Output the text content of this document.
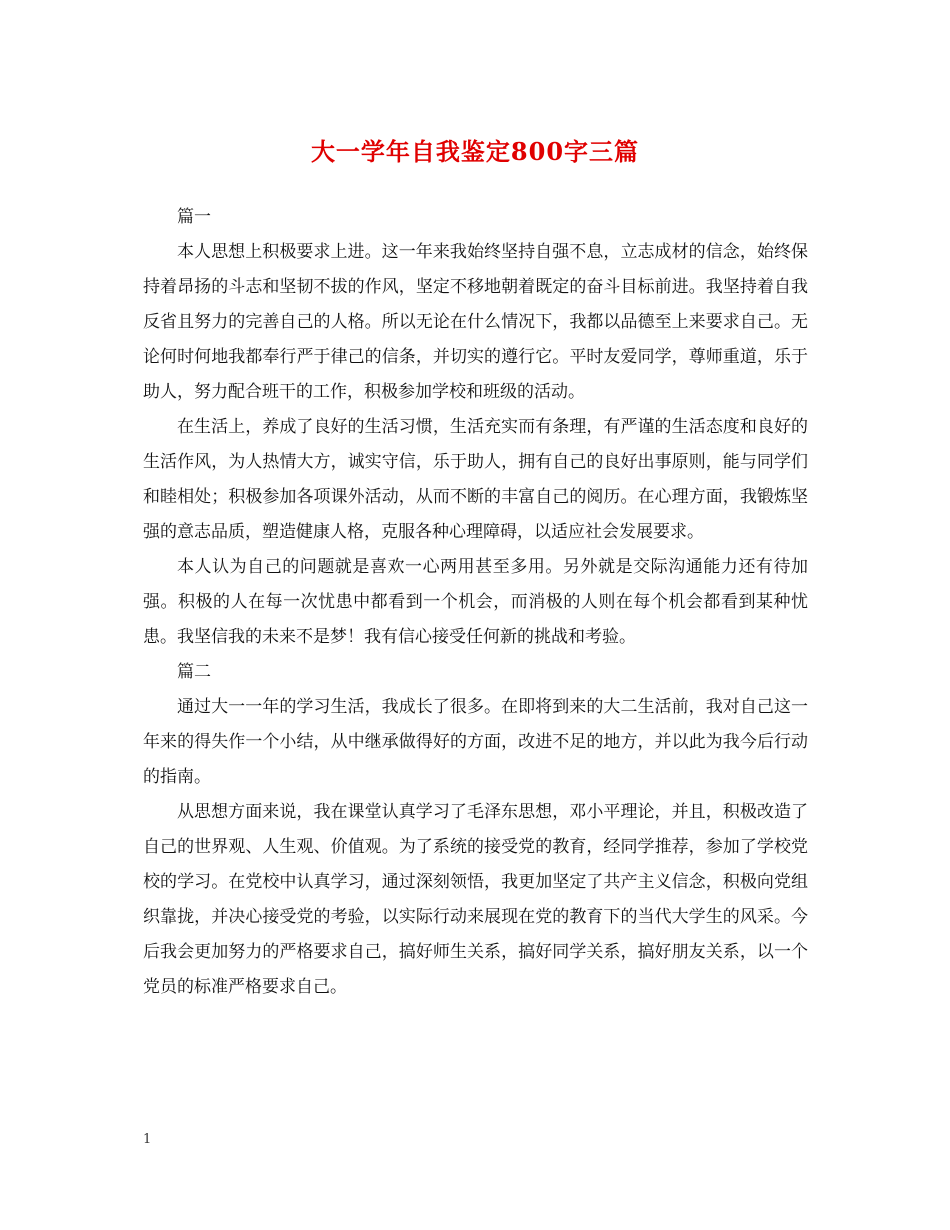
大一学年自我鉴定800字三篇

篇一

本人思想上积极要求上进。这一年来我始终坚持自强不息，立志成材的信念，始终保持着昂扬的斗志和坚韧不拔的作风，坚定不移地朝着既定的奋斗目标前进。我坚持着自我反省且努力的完善自己的人格。所以无论在什么情况下，我都以品德至上来要求自己。无论何时何地我都奉行严于律己的信条，并切实的遵行它。平时友爱同学，尊师重道，乐于助人，努力配合班干的工作，积极参加学校和班级的活动。

在生活上，养成了良好的生活习惯，生活充实而有条理，有严谨的生活态度和良好的生活作风，为人热情大方，诚实守信，乐于助人，拥有自己的良好出事原则，能与同学们和睦相处；积极参加各项课外活动，从而不断的丰富自己的阅历。在心理方面，我锻炼坚强的意志品质，塑造健康人格，克服各种心理障碍，以适应社会发展要求。

本人认为自己的问题就是喜欢一心两用甚至多用。另外就是交际沟通能力还有待加强。积极的人在每一次忧患中都看到一个机会，而消极的人则在每个机会都看到某种忧患。我坚信我的未来不是梦！我有信心接受任何新的挑战和考验。

篇二

通过大一一年的学习生活，我成长了很多。在即将到来的大二生活前，我对自己这一年来的得失作一个小结，从中继承做得好的方面，改进不足的地方，并以此为我今后行动的指南。

从思想方面来说，我在课堂认真学习了毛泽东思想，邓小平理论，并且，积极改造了自己的世界观、人生观、价值观。为了系统的接受党的教育，经同学推荐，参加了学校党校的学习。在党校中认真学习，通过深刻领悟，我更加坚定了共产主义信念，积极向党组织靠拢，并决心接受党的考验，以实际行动来展现在党的教育下的当代大学生的风采。今后我会更加努力的严格要求自己，搞好师生关系，搞好同学关系，搞好朋友关系，以一个党员的标准严格要求自己。

1
